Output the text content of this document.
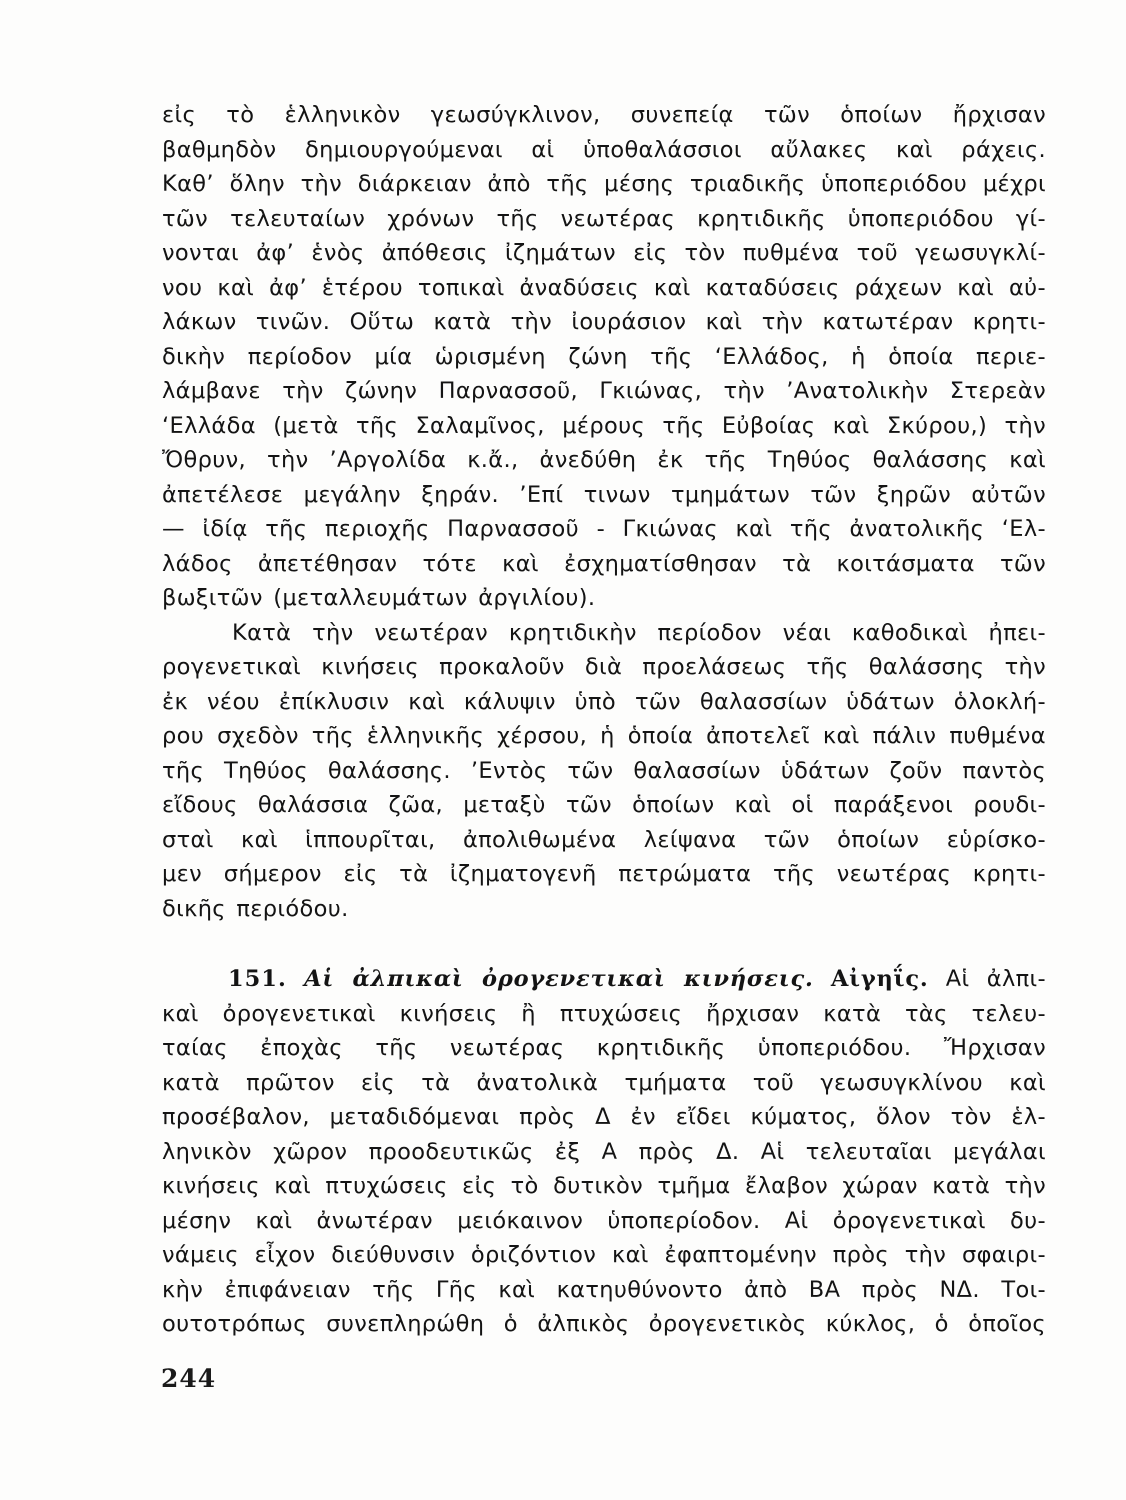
εἰς τὸ ἑλληνικὸν γεωσύγκλινον, συνεπείᾳ τῶν ὁποίων ἤρχισαν
βαθμηδὸν δημιουργούμεναι αἱ ὑποθαλάσσιοι αὔλακες καὶ ράχεις.
Καθ’ ὅλην τὴν διάρκειαν ἀπὸ τῆς μέσης τριαδικῆς ὑποπεριόδου μέχρι
τῶν τελευταίων χρόνων τῆς νεωτέρας κρητιδικῆς ὑποπεριόδου γί-
νονται ἀφ’ ἑνὸς ἀπόθεσις ἰζημάτων εἰς τὸν πυθμένα τοῦ γεωσυγκλί-
νου καὶ ἀφ’ ἑτέρου τοπικαὶ ἀναδύσεις καὶ καταδύσεις ράχεων καὶ αὐ-
λάκων τινῶν. Οὕτω κατὰ τὴν ἰουράσιον καὶ τὴν κατωτέραν κρητι-
δικὴν περίοδον μία ὡρισμένη ζώνη τῆς ‘Ελλάδος, ἡ ὁποία περιε-
λάμβανε τὴν ζώνην Παρνασσοῦ, Γκιώνας, τὴν ’Ανατολικὴν Στερεὰν
‘Ελλάδα (μετὰ τῆς Σαλαμῖνος, μέρους τῆς Εὐβοίας καὶ Σκύρου,) τὴν
Ὄθρυν, τὴν ’Αργολίδα κ.ἄ., ἀνεδύθη ἐκ τῆς Τηθύος θαλάσσης καὶ
ἀπετέλεσε μεγάλην ξηράν. ’Επί τινων τμημάτων τῶν ξηρῶν αὐτῶν
— ἰδίᾳ τῆς περιοχῆς Παρνασσοῦ - Γκιώνας καὶ τῆς ἀνατολικῆς ‘Ελ-
λάδος ἀπετέθησαν τότε καὶ ἐσχηματίσθησαν τὰ κοιτάσματα τῶν
βωξιτῶν (μεταλλευμάτων ἀργιλίου).
Κατὰ τὴν νεωτέραν κρητιδικὴν περίοδον νέαι καθοδικαὶ ἠπει-
ρογενετικαὶ κινήσεις προκαλοῦν διὰ προελάσεως τῆς θαλάσσης τὴν
ἐκ νέου ἐπίκλυσιν καὶ κάλυψιν ὑπὸ τῶν θαλασσίων ὑδάτων ὁλοκλή-
ρου σχεδὸν τῆς ἑλληνικῆς χέρσου, ἡ ὁποία ἀποτελεῖ καὶ πάλιν πυθμένα
τῆς Τηθύος θαλάσσης. ’Εντὸς τῶν θαλασσίων ὑδάτων ζοῦν παντὸς
εἴδους θαλάσσια ζῶα, μεταξὺ τῶν ὁποίων καὶ οἱ παράξενοι ρουδι-
σταὶ καὶ ἱππουρῖται, ἀπολιθωμένα λείψανα τῶν ὁποίων εὑρίσκο-
μεν σήμερον εἰς τὰ ἰζηματογενῆ πετρώματα τῆς νεωτέρας κρητι-
δικῆς περιόδου.
151. Αἱ ἀλπικαὶ ὀρογενετικαὶ κινήσεις. Αἰγηΐς. Αἱ ἀλπι-
καὶ ὀρογενετικαὶ κινήσεις ἢ πτυχώσεις ἤρχισαν κατὰ τὰς τελευ-
ταίας ἐποχὰς τῆς νεωτέρας κρητιδικῆς ὑποπεριόδου. Ἤρχισαν
κατὰ πρῶτον εἰς τὰ ἀνατολικὰ τμήματα τοῦ γεωσυγκλίνου καὶ
προσέβαλον, μεταδιδόμεναι πρὸς Δ ἐν εἴδει κύματος, ὅλον τὸν ἑλ-
ληνικὸν χῶρον προοδευτικῶς ἐξ Α πρὸς Δ. Αἱ τελευταῖαι μεγάλαι
κινήσεις καὶ πτυχώσεις εἰς τὸ δυτικὸν τμῆμα ἔλαβον χώραν κατὰ τὴν
μέσην καὶ ἀνωτέραν μειόκαινον ὑποπερίοδον. Αἱ ὀρογενετικαὶ δυ-
νάμεις εἶχον διεύθυνσιν ὁριζόντιον καὶ ἐφαπτομένην πρὸς τὴν σφαιρι-
κὴν ἐπιφάνειαν τῆς Γῆς καὶ κατηυθύνοντο ἀπὸ ΒΑ πρὸς ΝΔ. Τοι-
ουτοτρόπως συνεπληρώθη ὁ ἀλπικὸς ὀρογενετικὸς κύκλος, ὁ ὁποῖος
244
